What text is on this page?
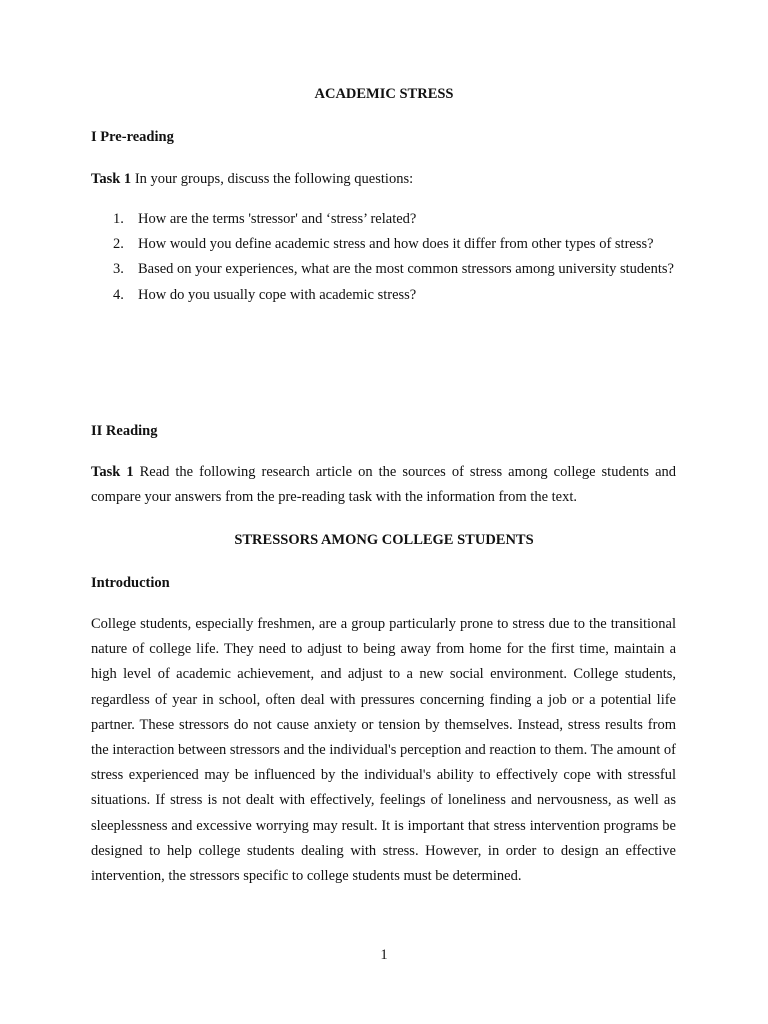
ACADEMIC STRESS
I Pre-reading

Task 1 In your groups, discuss the following questions:

1. How are the terms 'stressor' and ‘stress’ related?
2. How would you define academic stress and how does it differ from other types of stress?
3. Based on your experiences, what are the most common stressors among university students?
4. How do you usually cope with academic stress?
II Reading

Task 1 Read the following research article on the sources of stress among college students and compare your answers from the pre-reading task with the information from the text.

STRESSORS AMONG COLLEGE STUDENTS
Introduction

College students, especially freshmen, are a group particularly prone to stress due to the transitional nature of college life. They need to adjust to being away from home for the first time, maintain a high level of academic achievement, and adjust to a new social environment. College students, regardless of year in school, often deal with pressures concerning finding a job or a potential life partner. These stressors do not cause anxiety or tension by themselves. Instead, stress results from the interaction between stressors and the individual's perception and reaction to them. The amount of stress experienced may be influenced by the individual's ability to effectively cope with stressful situations. If stress is not dealt with effectively, feelings of loneliness and nervousness, as well as sleeplessness and excessive worrying may result. It is important that stress intervention programs be designed to help college students dealing with stress. However, in order to design an effective intervention, the stressors specific to college students must be determined.

1
